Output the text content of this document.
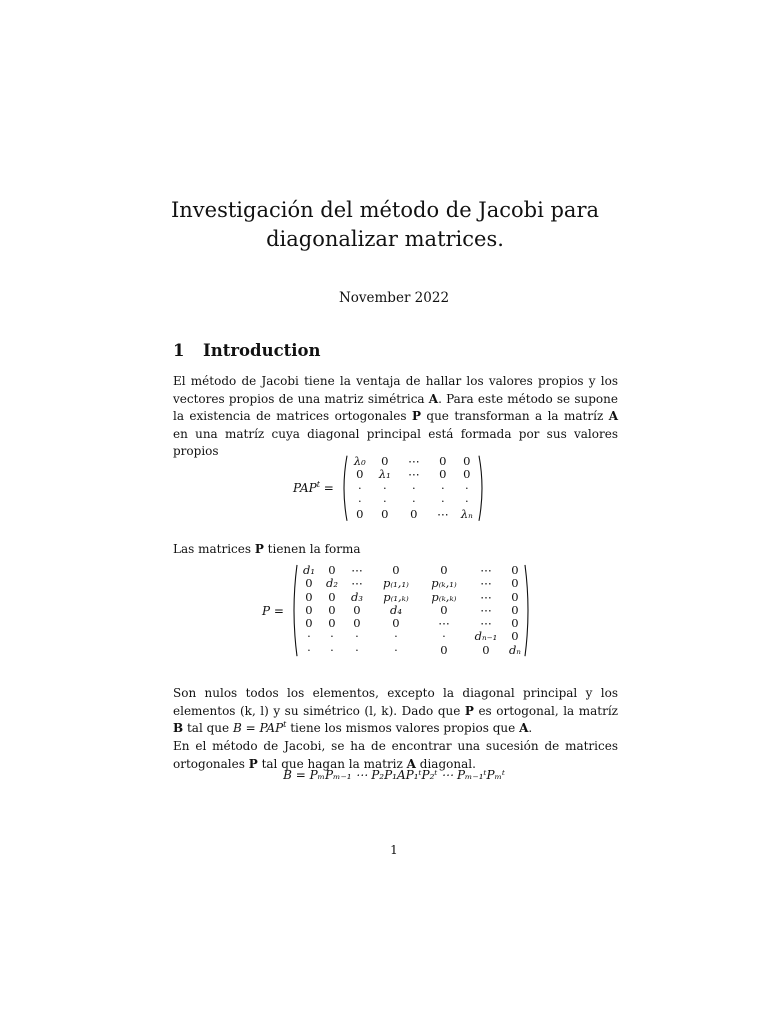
Investigación del método de Jacobi para diagonalizar matrices.
November 2022
1 Introduction

El método de Jacobi tiene la ventaja de hallar los valores propios y los vectores propios de una matriz simétrica A. Para este método se supone la existencia de matrices ortogonales P que transforman a la matríz A en una matríz cuya diagonal principal está formada por sus valores propios

$PAP^t$ =
λ₀	0	⋯	0	0
0	λ₁	⋯	0	0
·	·	·	·	·
·	·	·	·	·
0	0	0	⋯	λₙ

Las matrices P tienen la forma

P =
d₁	0	⋯	0	0	⋯	0
0	d₂	⋯	p₍₁,₁₎	p₍ₖ,₁₎	⋯	0
0	0	d₃	p₍₁,ₖ₎	p₍ₖ,ₖ₎	⋯	0
0	0	0	d₄	0	⋯	0
0	0	0	0	⋯	⋯	0
·	·	·	·	·	dₙ₋₁	0
·	·	·	·	0	0	dₙ

Son nulos todos los elementos, excepto la diagonal principal y los elementos (k, l) y su simétrico (l, k). Dado que P es ortogonal, la matríz B tal que $B = PAP^t$ tiene los mismos valores propios que A.

En el método de Jacobi, se ha de encontrar una sucesión de matrices ortogonales P tal que hagan la matriz A diagonal.

B = PₘPₘ₋₁ ⋯ P₂P₁AP₁ᵗP₂ᵗ ⋯ Pₘ₋₁ᵗPₘᵗ
1
